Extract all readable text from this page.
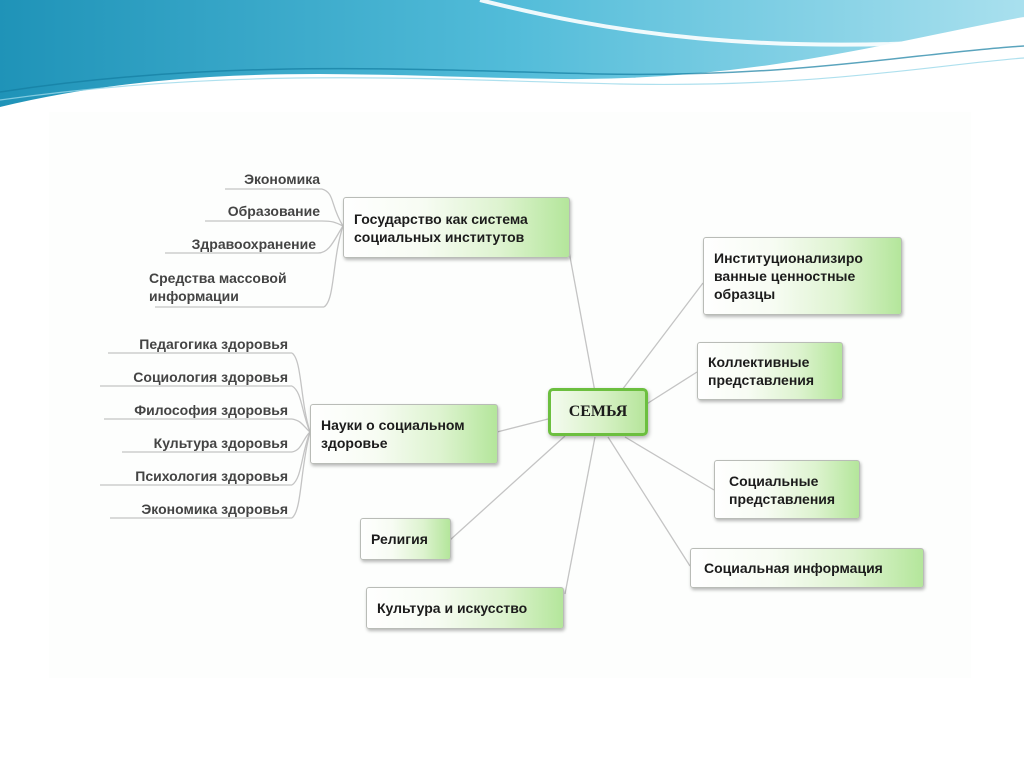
Государство как система социальных институтов
Науки о социальном здоровье
Религия
Культура и искусство
Институционализиро ванные ценностные образцы
Коллективные представления
Социальные представления
Социальная информация
СЕМЬЯ
Экономика
Образование
Здравоохранение
Средства массовой информации
Педагогика здоровья
Социология здоровья
Философия здоровья
Культура здоровья
Психология здоровья
Экономика здоровья
